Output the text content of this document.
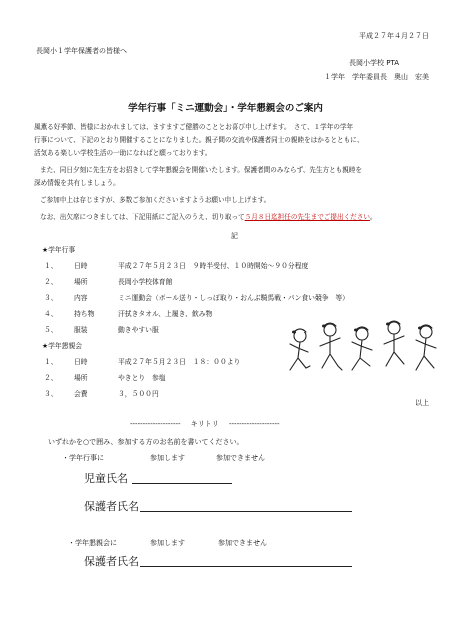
平成２７年４月２７日
長岡小１学年保護者の皆様へ
長岡小学校 PTA
１学年　学年委員長　奥山　宏美
学年行事「ミニ運動会」・学年懇親会のご案内

風薫る好季節、皆様におかれましては、ますますご健勝のこととお喜び申し上げます。　さて、１学年の学年

行事について、下記のとおり開催することになりました。親子間の交流や保護者同士の親睦をはかるとともに、

活気ある楽しい学校生活の一助になればと願っております。

また、同日夕刻に先生方をお招きして学年懇親会を開催いたします。保護者間のみならず、先生方とも親睦を

深め情報を共有しましょう。

ご参加申上は存じますが、多数ご参加くださいますようお願い申し上げます。

なお、出欠席につきましては、下記用紙にご記入のうえ、切り取って５月８日迄担任の先生までご提出ください。

記
★学年行事
１、 日時	平成２７年５月２３日　９時半受付、１０時開始～９０分程度
２、 場所	長岡小学校体育館
３、 内容	ミニ運動会（ボール送り・しっぽ取り・おんぶ騎馬戦・パン食い競争　等）
４、 持ち物	汗拭きタオル、上履き、飲み物
５、 服装	動きやすい服
★学年懇親会
１、 日時	平成２７年５月２３日　１８：００より
２、 場所	やきとり　参塩
３、 会費	３，５００円
以上
-------------------- キリトリ --------------------
いずれかを○で囲み、参加する方のお名前を書いてください。
・学年行事に	参加します	参加できません
児童氏名
保護者氏名
・学年懇親会に	参加します	参加できません
保護者氏名
